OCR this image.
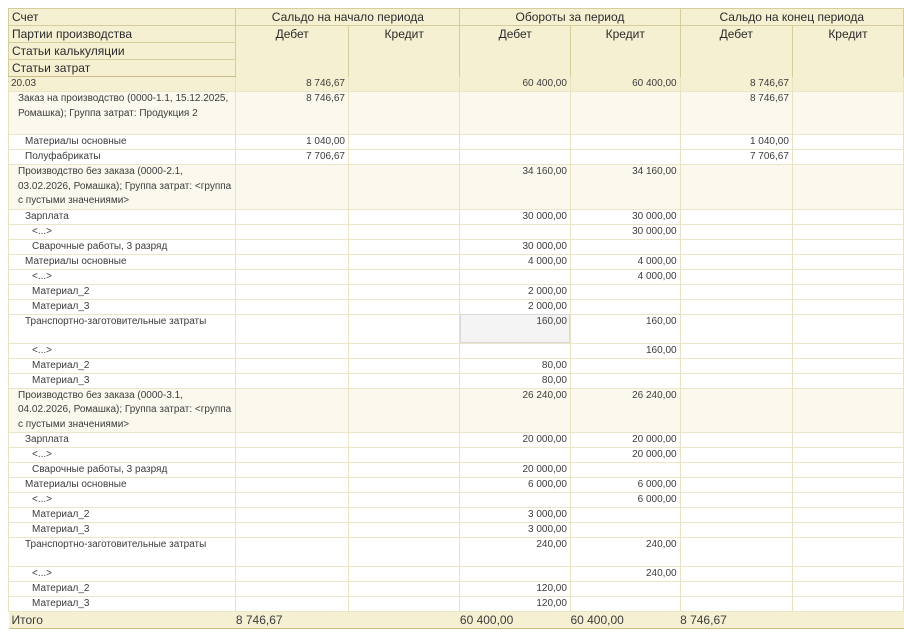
Счет	Сальдо на начало периода		Обороты за период		Сальдо на конец периода	
Партии производства	Дебет	Кредит	Дебет	Кредит	Дебет	Кредит
Статьи калькуляции						
Статьи затрат						
20.03	8 746,67		60 400,00	60 400,00	8 746,67	
Заказ на производство (0000-1.1, 15.12.2025, Ромашка); Группа затрат: Продукция 2	8 746,67				8 746,67	
Материалы основные	1 040,00				1 040,00	
Полуфабрикаты	7 706,67				7 706,67	
Производство без заказа (0000-2.1, 03.02.2026, Ромашка); Группа затрат: <группа с пустыми значениями>			34 160,00	34 160,00		
Зарплата			30 000,00	30 000,00		
<...>				30 000,00		
Сварочные работы, 3 разряд			30 000,00			
Материалы основные			4 000,00	4 000,00		
<...>				4 000,00		
Материал_2			2 000,00			
Материал_3			2 000,00			
Транспортно-заготовительные затраты			160,00	160,00		
<...>				160,00		
Материал_2			80,00			
Материал_3			80,00			
Производство без заказа (0000-3.1, 04.02.2026, Ромашка); Группа затрат: <группа с пустыми значениями>			26 240,00	26 240,00		
Зарплата			20 000,00	20 000,00		
<...>				20 000,00		
Сварочные работы, 3 разряд			20 000,00			
Материалы основные			6 000,00	6 000,00		
<...>				6 000,00		
Материал_2			3 000,00			
Материал_3			3 000,00			
Транспортно-заготовительные затраты			240,00	240,00		
<...>				240,00		
Материал_2			120,00			
Материал_3			120,00			
Итого	8 746,67		60 400,00	60 400,00	8 746,67	
